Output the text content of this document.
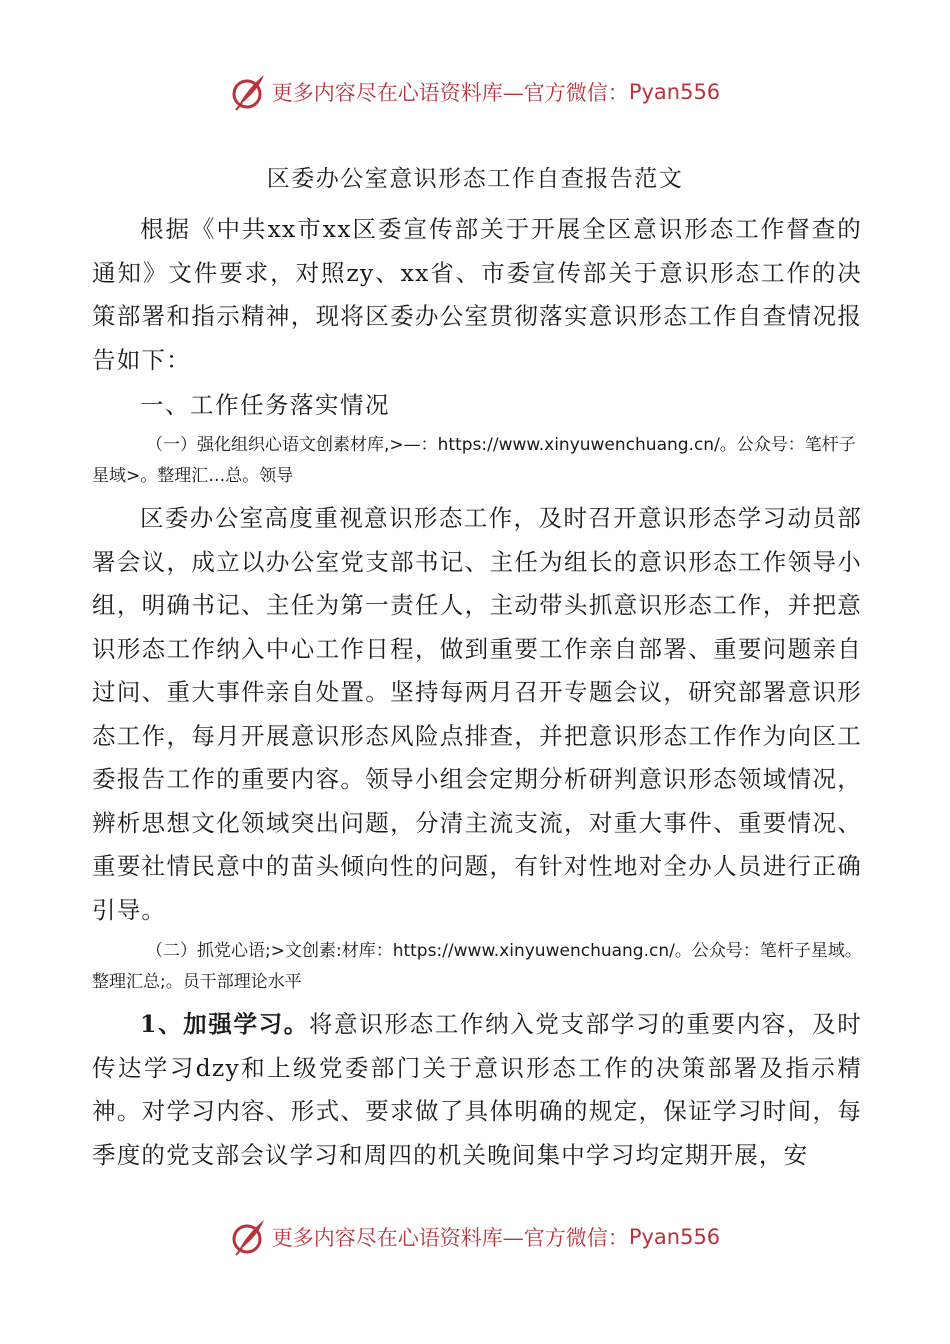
更多内容尽在心语资料库—官方微信： Pyan556
区委办公室意识形态工作自查报告范文

根据《中共xx市xx区委宣传部关于开展全区意识形态工作督查的通知》文件要求，对照zy、xx省、市委宣传部关于意识形态工作的决策部署和指示精神，现将区委办公室贯彻落实意识形态工作自查情况报告如下：

一、工作任务落实情况

（一）强化组织心语文创素材库,>—：https://www.xinyuwenchuang.cn/。公众号：笔杆子星域>。整理汇…总。领导

区委办公室高度重视意识形态工作，及时召开意识形态学习动员部署会议，成立以办公室党支部书记、主任为组长的意识形态工作领导小组，明确书记、主任为第一责任人，主动带头抓意识形态工作，并把意识形态工作纳入中心工作日程，做到重要工作亲自部署、重要问题亲自过问、重大事件亲自处置。坚持每两月召开专题会议，研究部署意识形态工作，每月开展意识形态风险点排查，并把意识形态工作作为向区工委报告工作的重要内容。领导小组会定期分析研判意识形态领域情况，辨析思想文化领域突出问题，分清主流支流，对重大事件、重要情况、重要社情民意中的苗头倾向性的问题，有针对性地对全办人员进行正确引导。

（二）抓党心语;>文创素:材库：https://www.xinyuwenchuang.cn/。公众号：笔杆子星域。整理汇总;。员干部理论水平

1、加强学习。将意识形态工作纳入党支部学习的重要内容，及时传达学习dzy和上级党委部门关于意识形态工作的决策部署及指示精神。对学习内容、形式、要求做了具体明确的规定，保证学习时间，每季度的党支部会议学习和周四的机关晚间集中学习均定期开展，安

更多内容尽在心语资料库—官方微信： Pyan556
